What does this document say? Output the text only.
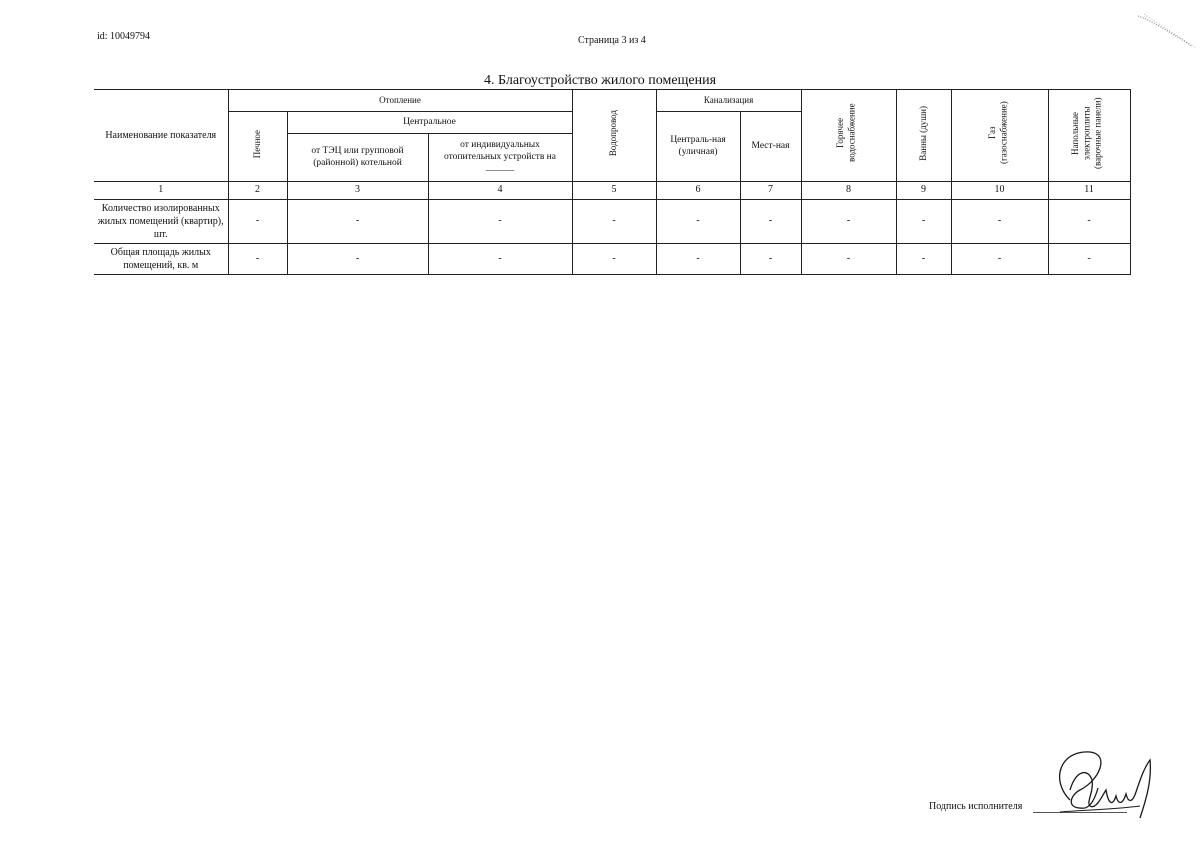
id: 10049794	Страница 3 из 4
4. Благоустройство жилого помещения
Наименование показателя	Отопление			Водопровод	Канализация		Горячее водоснабжение	Ванны (души)	Газ (газоснабжение)	Напольные электроплиты (варочные панели)
	Печное	Центральное			Централь-ная (уличная)	Мест-ная				
		от ТЭЦ или групповой (районной) котельной	от индивидуальных отопительных устройств на ______							
1	2	3	4	5	6	7	8	9	10	11
Количество изолированных жилых помещений (квартир), шт.	-	-	-	-	-	-	-	-	-	-
Общая площадь жилых помещений, кв. м	-	-	-	-	-	-	-	-	-	-
Подпись исполнителя
